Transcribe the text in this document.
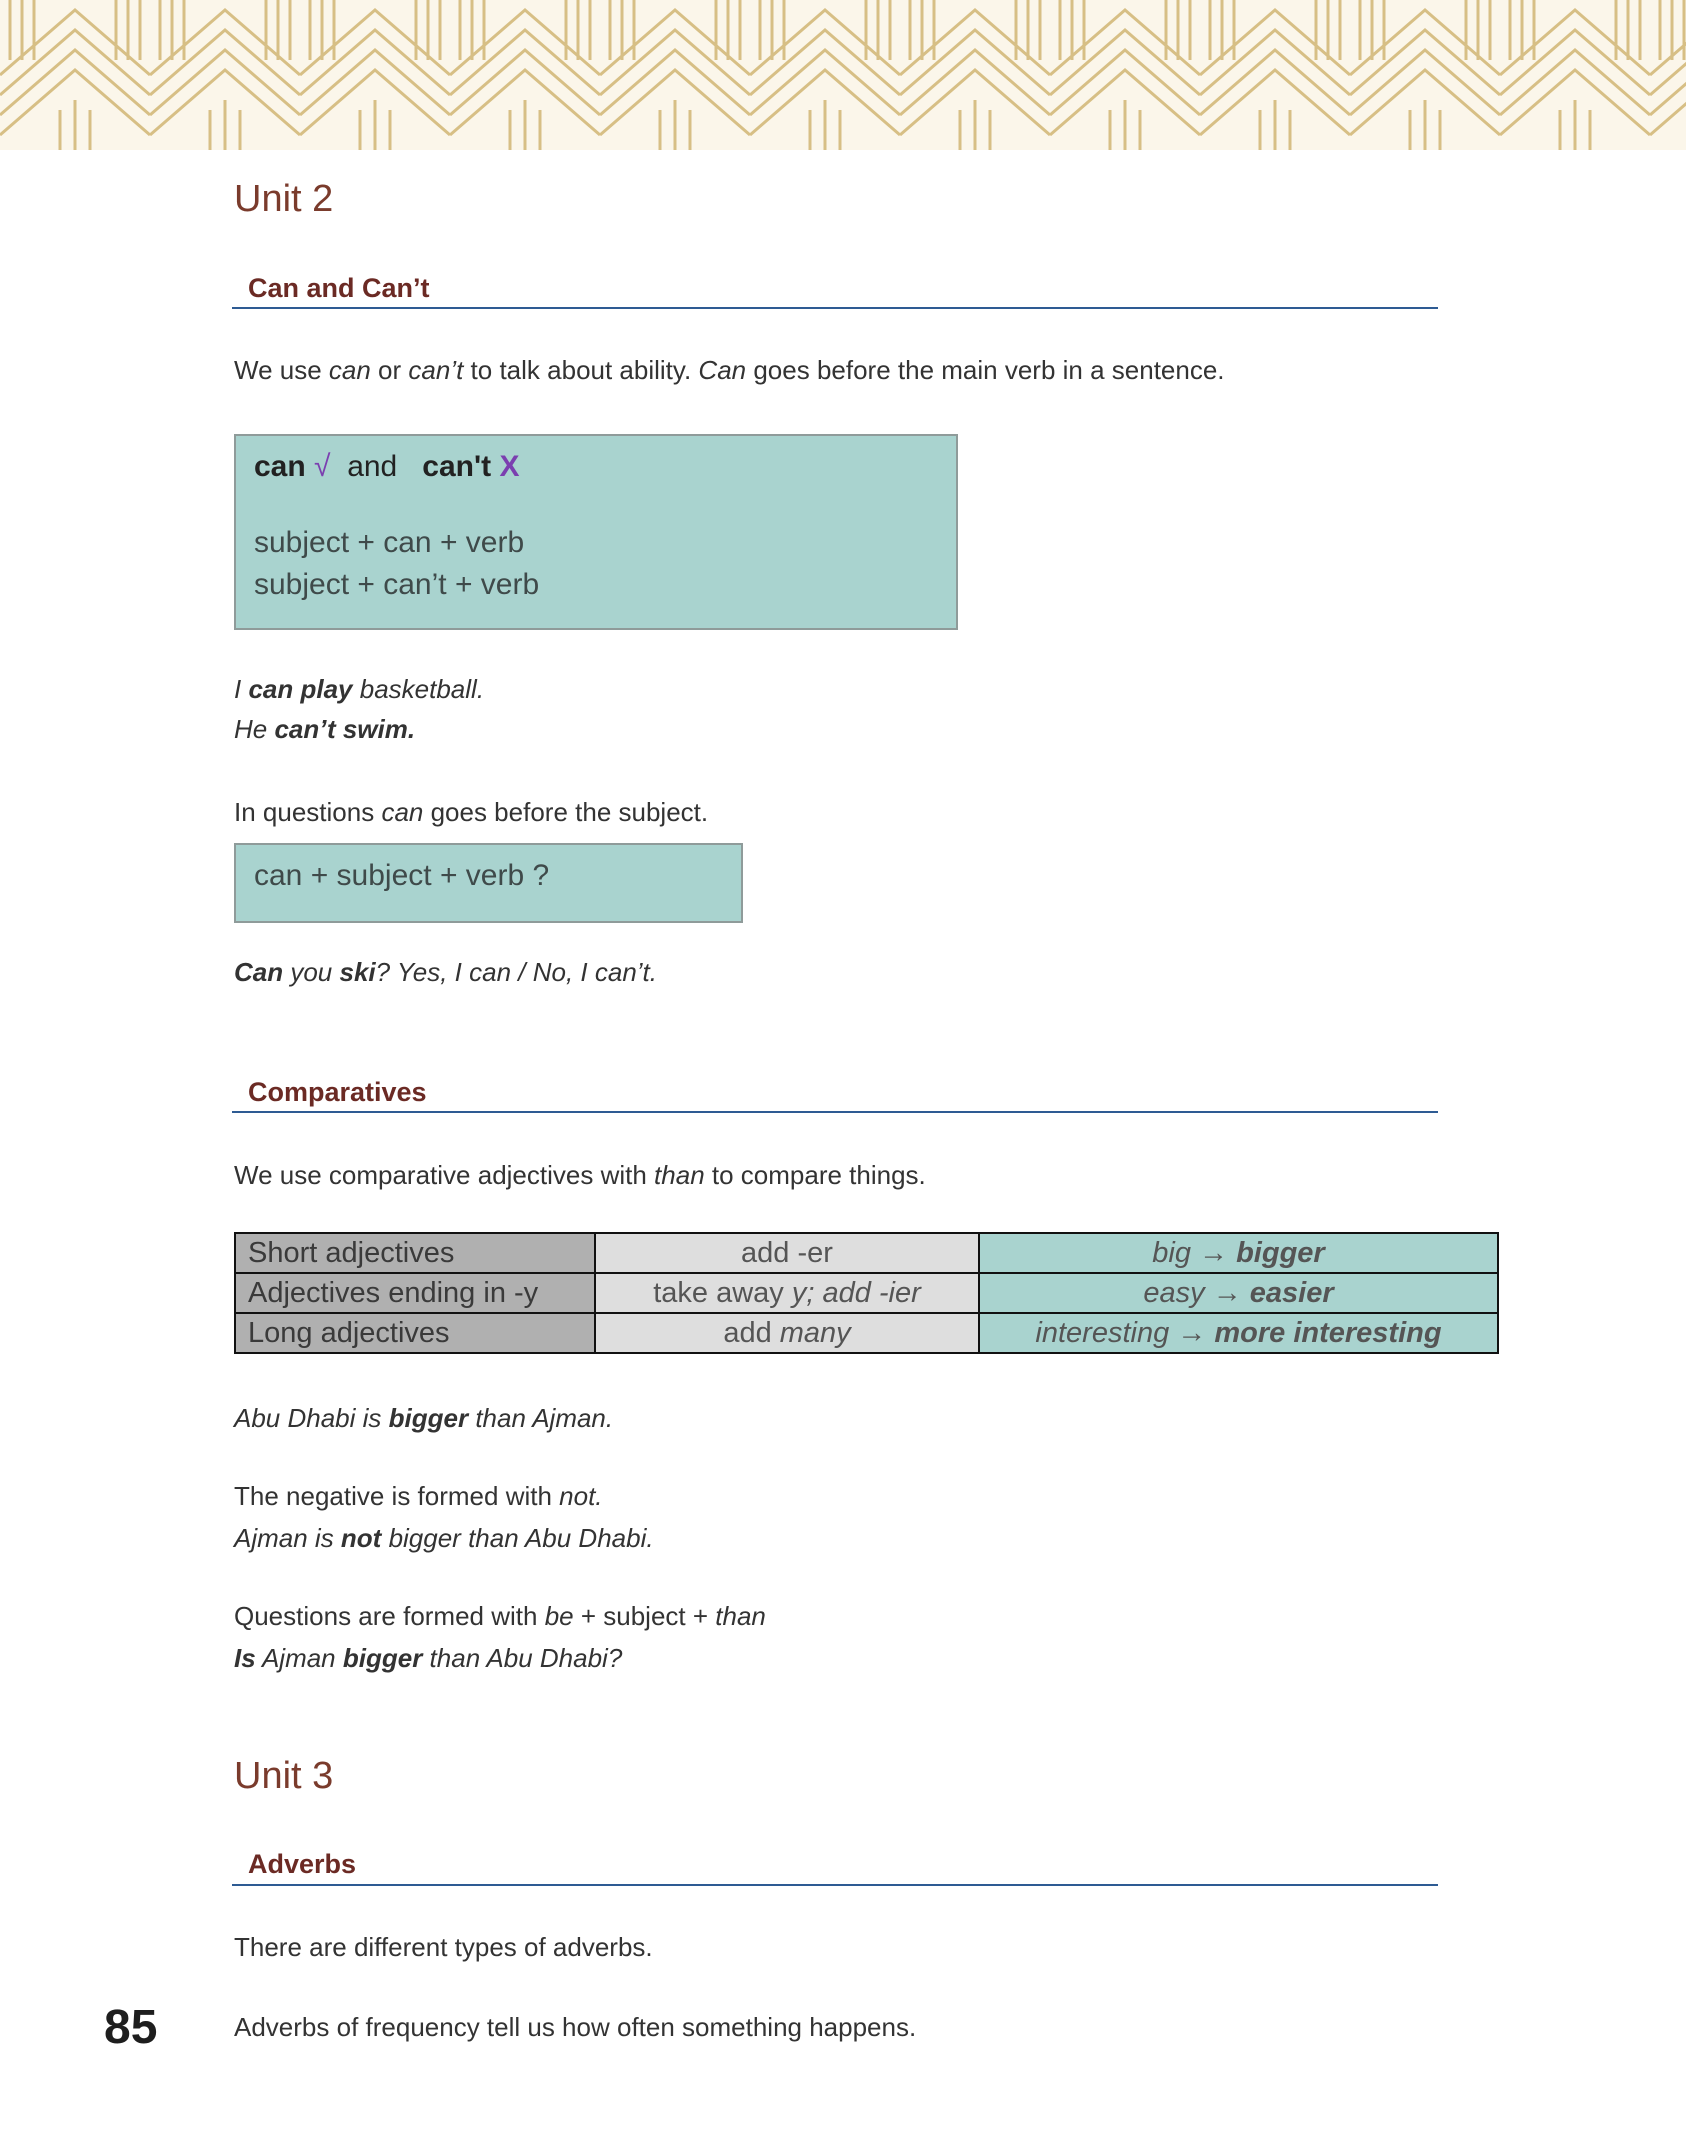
Unit 2
Can and Can’t

We use can or can’t to talk about ability. Can goes before the main verb in a sentence.

can √ and can't X
subject + can + verb
subject + can’t + verb

I can play basketball.

He can’t swim.

In questions can goes before the subject.

can + subject + verb ?

Can you ski? Yes, I can / No, I can’t.

Comparatives

We use comparative adjectives with than to compare things.

Short adjectives	add -er	big → bigger
Adjectives ending in -y	take away y; add -ier	easy → easier
Long adjectives	add many	interesting → more interesting

Abu Dhabi is bigger than Ajman.

The negative is formed with not.

Ajman is not bigger than Abu Dhabi.

Questions are formed with be + subject + than

Is Ajman bigger than Abu Dhabi?

Unit 3
Adverbs

There are different types of adverbs.

Adverbs of frequency tell us how often something happens.

85
